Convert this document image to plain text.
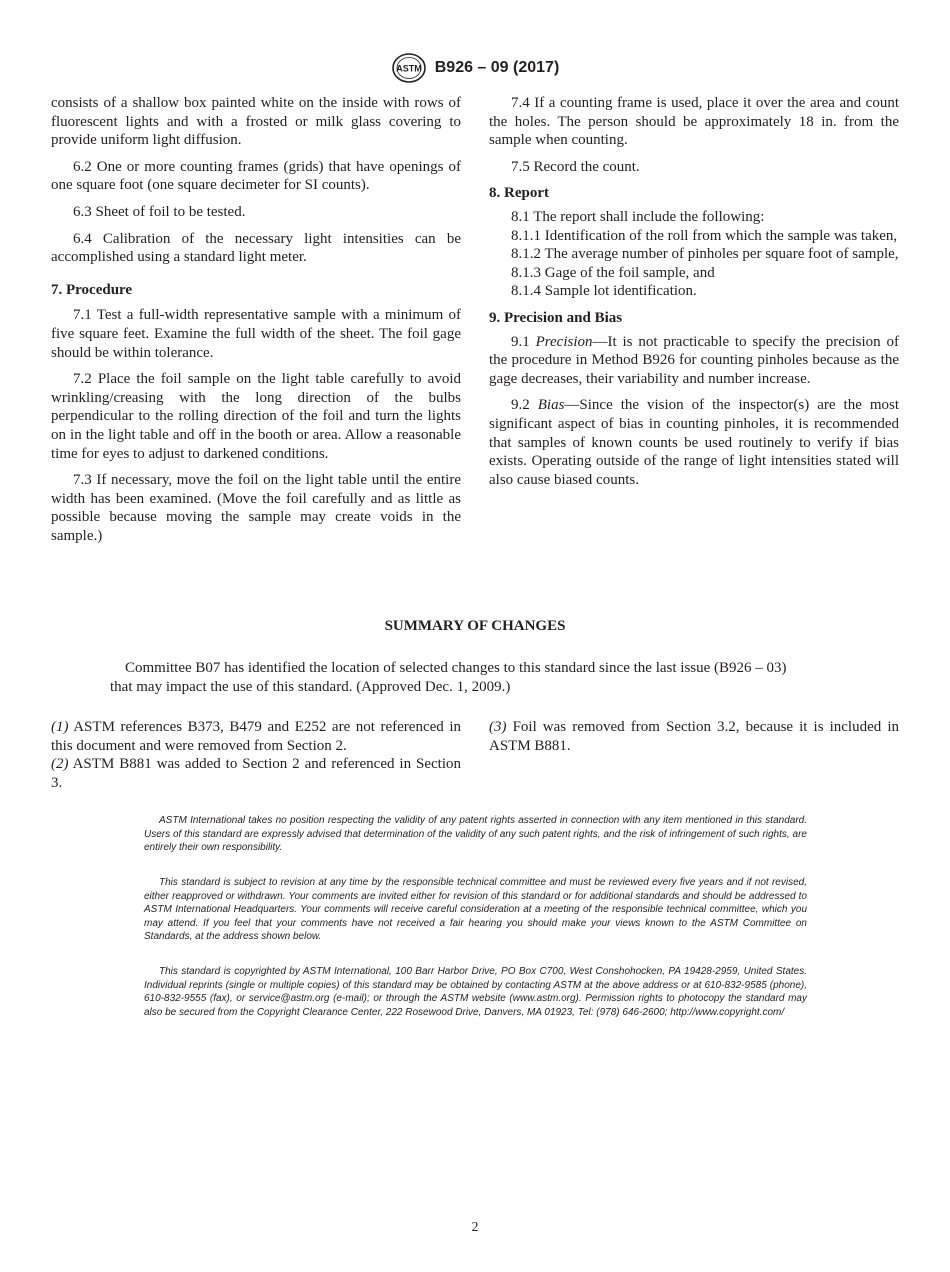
ASTM B926 – 09 (2017)

consists of a shallow box painted white on the inside with rows of fluorescent lights and with a frosted or milk glass covering to provide uniform light diffusion.

6.2 One or more counting frames (grids) that have openings of one square foot (one square decimeter for SI counts).

6.3 Sheet of foil to be tested.

6.4 Calibration of the necessary light intensities can be accomplished using a standard light meter.

7. Procedure

7.1 Test a full-width representative sample with a minimum of five square feet. Examine the full width of the sheet. The foil gage should be within tolerance.

7.2 Place the foil sample on the light table carefully to avoid wrinkling/creasing with the long direction of the bulbs perpendicular to the rolling direction of the foil and turn the lights on in the light table and off in the booth or area. Allow a reasonable time for eyes to adjust to darkened conditions.

7.3 If necessary, move the foil on the light table until the entire width has been examined. (Move the foil carefully and as little as possible because moving the sample may create voids in the sample.)

7.4 If a counting frame is used, place it over the area and count the holes. The person should be approximately 18 in. from the sample when counting.

7.5 Record the count.

8. Report

8.1 The report shall include the following:

8.1.1 Identification of the roll from which the sample was taken,

8.1.2 The average number of pinholes per square foot of sample,

8.1.3 Gage of the foil sample, and

8.1.4 Sample lot identification.

9. Precision and Bias

9.1 Precision—It is not practicable to specify the precision of the procedure in Method B926 for counting pinholes because as the gage decreases, their variability and number increase.

9.2 Bias—Since the vision of the inspector(s) are the most significant aspect of bias in counting pinholes, it is recommended that samples of known counts be used routinely to verify if bias exists. Operating outside of the range of light intensities stated will also cause biased counts.

SUMMARY OF CHANGES
Committee B07 has identified the location of selected changes to this standard since the last issue (B926 – 03)
that may impact the use of this standard. (Approved Dec. 1, 2009.)
(1) ASTM references B373, B479 and E252 are not referenced in this document and were removed from Section 2.
(2) ASTM B881 was added to Section 2 and referenced in Section 3.
(3) Foil was removed from Section 3.2, because it is included in ASTM B881.
ASTM International takes no position respecting the validity of any patent rights asserted in connection with any item mentioned in this standard. Users of this standard are expressly advised that determination of the validity of any such patent rights, and the risk of infringement of such rights, are entirely their own responsibility.
This standard is subject to revision at any time by the responsible technical committee and must be reviewed every five years and if not revised, either reapproved or withdrawn. Your comments are invited either for revision of this standard or for additional standards and should be addressed to ASTM International Headquarters. Your comments will receive careful consideration at a meeting of the responsible technical committee, which you may attend. If you feel that your comments have not received a fair hearing you should make your views known to the ASTM Committee on Standards, at the address shown below.
This standard is copyrighted by ASTM International, 100 Barr Harbor Drive, PO Box C700, West Conshohocken, PA 19428-2959, United States. Individual reprints (single or multiple copies) of this standard may be obtained by contacting ASTM at the above address or at 610-832-9585 (phone), 610-832-9555 (fax), or service@astm.org (e-mail); or through the ASTM website (www.astm.org). Permission rights to photocopy the standard may also be secured from the Copyright Clearance Center, 222 Rosewood Drive, Danvers, MA 01923, Tel: (978) 646-2600; http://www.copyright.com/
2
